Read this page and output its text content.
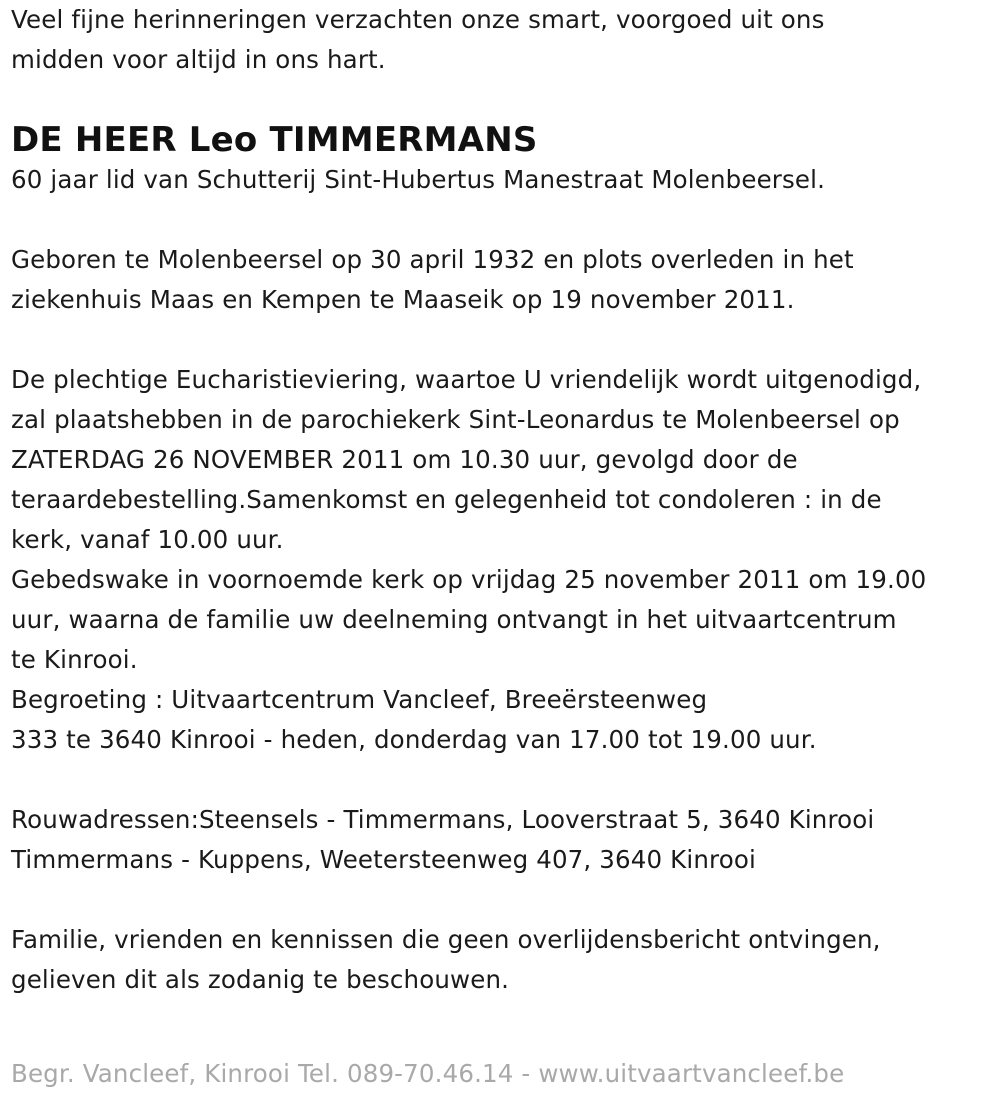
Veel fijne herinneringen verzachten onze smart, voorgoed uit ons
midden voor altijd in ons hart.
DE HEER Leo TIMMERMANS
60 jaar lid van Schutterij Sint-Hubertus Manestraat Molenbeersel.
Geboren te Molenbeersel op 30 april 1932 en plots overleden in het
ziekenhuis Maas en Kempen te Maaseik op 19 november 2011.
De plechtige Eucharistieviering, waartoe U vriendelijk wordt uitgenodigd,
zal plaatshebben in de parochiekerk Sint-Leonardus te Molenbeersel op
ZATERDAG 26 NOVEMBER 2011 om 10.30 uur, gevolgd door de
teraardebestelling.Samenkomst en gelegenheid tot condoleren : in de
kerk, vanaf 10.00 uur.
Gebedswake in voornoemde kerk op vrijdag 25 november 2011 om 19.00
uur, waarna de familie uw deelneming ontvangt in het uitvaartcentrum
te Kinrooi.
Begroeting : Uitvaartcentrum Vancleef, Breeërsteenweg
333 te 3640 Kinrooi - heden, donderdag van 17.00 tot 19.00 uur.
Rouwadressen:Steensels - Timmermans, Looverstraat 5, 3640 Kinrooi
Timmermans - Kuppens, Weetersteenweg 407, 3640 Kinrooi
Familie, vrienden en kennissen die geen overlijdensbericht ontvingen,
gelieven dit als zodanig te beschouwen.
Begr. Vancleef, Kinrooi Tel. 089-70.46.14 - www.uitvaartvancleef.be
